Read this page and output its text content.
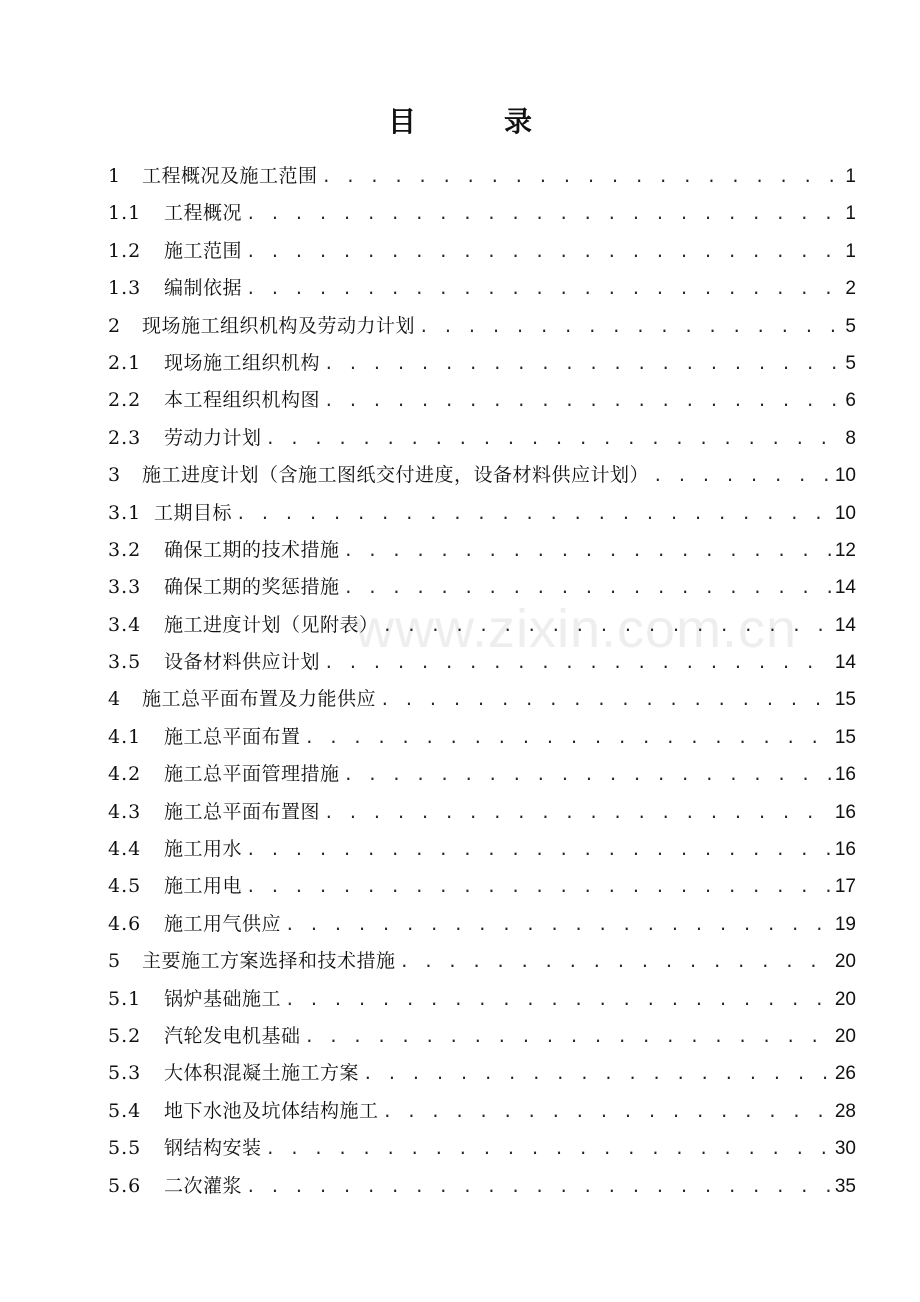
目	录
www.zixin.com.cn
1	工程概况及施工范围 . . .	1
1.1	工程概况 . . .	1
1.2	施工范围 . . .	1
1.3	编制依据 . . .	2
2	现场施工组织机构及劳动力计划 . . .	5
2.1	现场施工组织机构 . . .	5
2.2	本工程组织机构图 . . .	6
2.3	劳动力计划 . . .	8
3	施工进度计划（含施工图纸交付进度，设备材料供应计划） . . .	10
3.1 工期目标 . . .	10
3.2	确保工期的技术措施 . . .	12
3.3	确保工期的奖惩措施 . . .	14
3.4	施工进度计划（见附表） . . .	14
3.5	设备材料供应计划 . . .	14
4	施工总平面布置及力能供应 . . .	15
4.1	施工总平面布置 . . .	15
4.2	施工总平面管理措施 . . .	16
4.3	施工总平面布置图 . . .	16
4.4	施工用水 . . .	16
4.5	施工用电 . . .	17
4.6	施工用气供应 . . .	19
5	主要施工方案选择和技术措施 . . .	20
5.1	锅炉基础施工 . . .	20
5.2	汽轮发电机基础 . . .	20
5.3	大体积混凝土施工方案 . . .	26
5.4	地下水池及坑体结构施工 . . .	28
5.5	钢结构安装 . . .	30
5.6	二次灌浆 . . .	35
